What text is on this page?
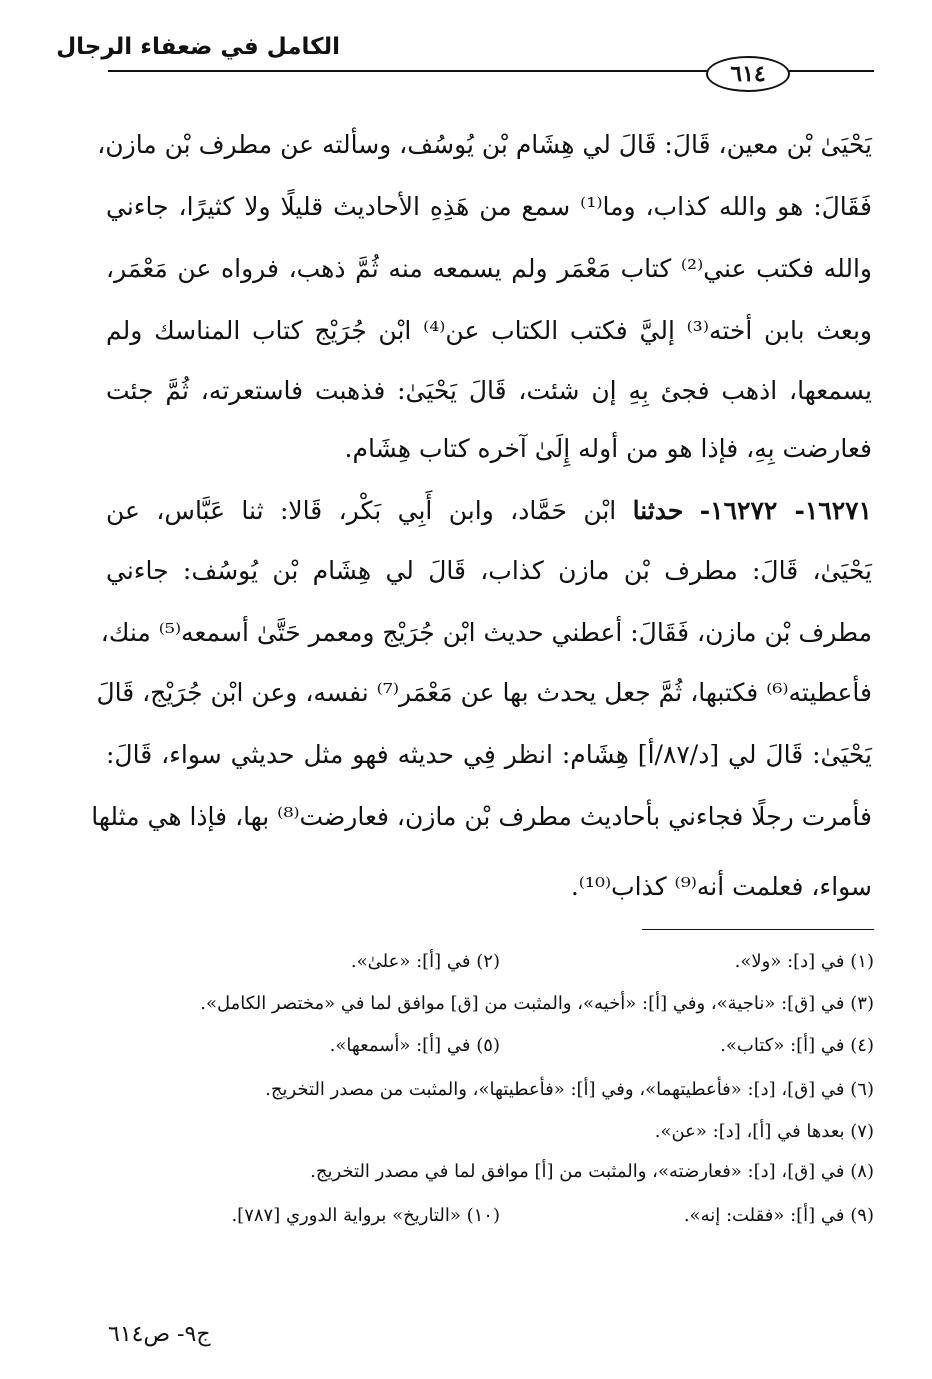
الكامل في ضعفاء الرجال
٦١٤
يَحْيَىٰ بْن معين، قَالَ: قَالَ لي هِشَام بْن يُوسُف، وسألته عن مطرف بْن مازن،
فَقَالَ: هو والله كذاب، وما⁽¹⁾ سمع من هَذِهِ الأحاديث قليلًا ولا كثيرًا، جاءني
والله فكتب عني⁽²⁾ كتاب مَعْمَر ولم يسمعه منه ثُمَّ ذهب، فرواه عن مَعْمَر،
وبعث بابن أخته⁽³⁾ إليَّ فكتب الكتاب عن⁽⁴⁾ ابْن جُرَيْج كتاب المناسك ولم
يسمعها، اذهب فجئ بِهِ إن شئت، قَالَ يَحْيَىٰ: فذهبت فاستعرته، ثُمَّ جئت
فعارضت بِهِ، فإذا هو من أوله إِلَىٰ آخره كتاب هِشَام.
١٦٢٧١- ١٦٢٧٢- حدثنا ابْن حَمَّاد، وابن أَبِي بَكْر، قَالا: ثنا عَبَّاس، عن
يَحْيَىٰ، قَالَ: مطرف بْن مازن كذاب، قَالَ لي هِشَام بْن يُوسُف: جاءني
مطرف بْن مازن، فَقَالَ: أعطني حديث ابْن جُرَيْج ومعمر حَتَّىٰ أسمعه⁽⁵⁾ منك،
فأعطيته⁽⁶⁾ فكتبها، ثُمَّ جعل يحدث بها عن مَعْمَر⁽⁷⁾ نفسه، وعن ابْن جُرَيْج، قَالَ
يَحْيَىٰ: قَالَ لي [د/٨٧/أ] هِشَام: انظر فِي حديثه فهو مثل حديثي سواء، قَالَ:
فأمرت رجلًا فجاءني بأحاديث مطرف بْن مازن، فعارضت⁽⁸⁾ بها، فإذا هي مثلها
سواء، فعلمت أنه⁽⁹⁾ كذاب⁽¹⁰⁾.
(١) في [د]: «ولا».
(٢) في [أ]: «علىٰ».
(٣) في [ق]: «ناجية»، وفي [أ]: «أخيه»، والمثبت من [ق] موافق لما في «مختصر الكامل».
(٤) في [أ]: «كتاب».
(٥) في [أ]: «أسمعها».
(٦) في [ق]، [د]: «فأعطيتهما»، وفي [أ]: «فأعطيتها»، والمثبت من مصدر التخريج.
(٧) بعدها في [أ]، [د]: «عن».
(٨) في [ق]، [د]: «فعارضته»، والمثبت من [أ] موافق لما في مصدر التخريج.
(٩) في [أ]: «فقلت: إنه».
(١٠) «التاريخ» برواية الدوري [٧٨٧].
ج٩- ص٦١٤
